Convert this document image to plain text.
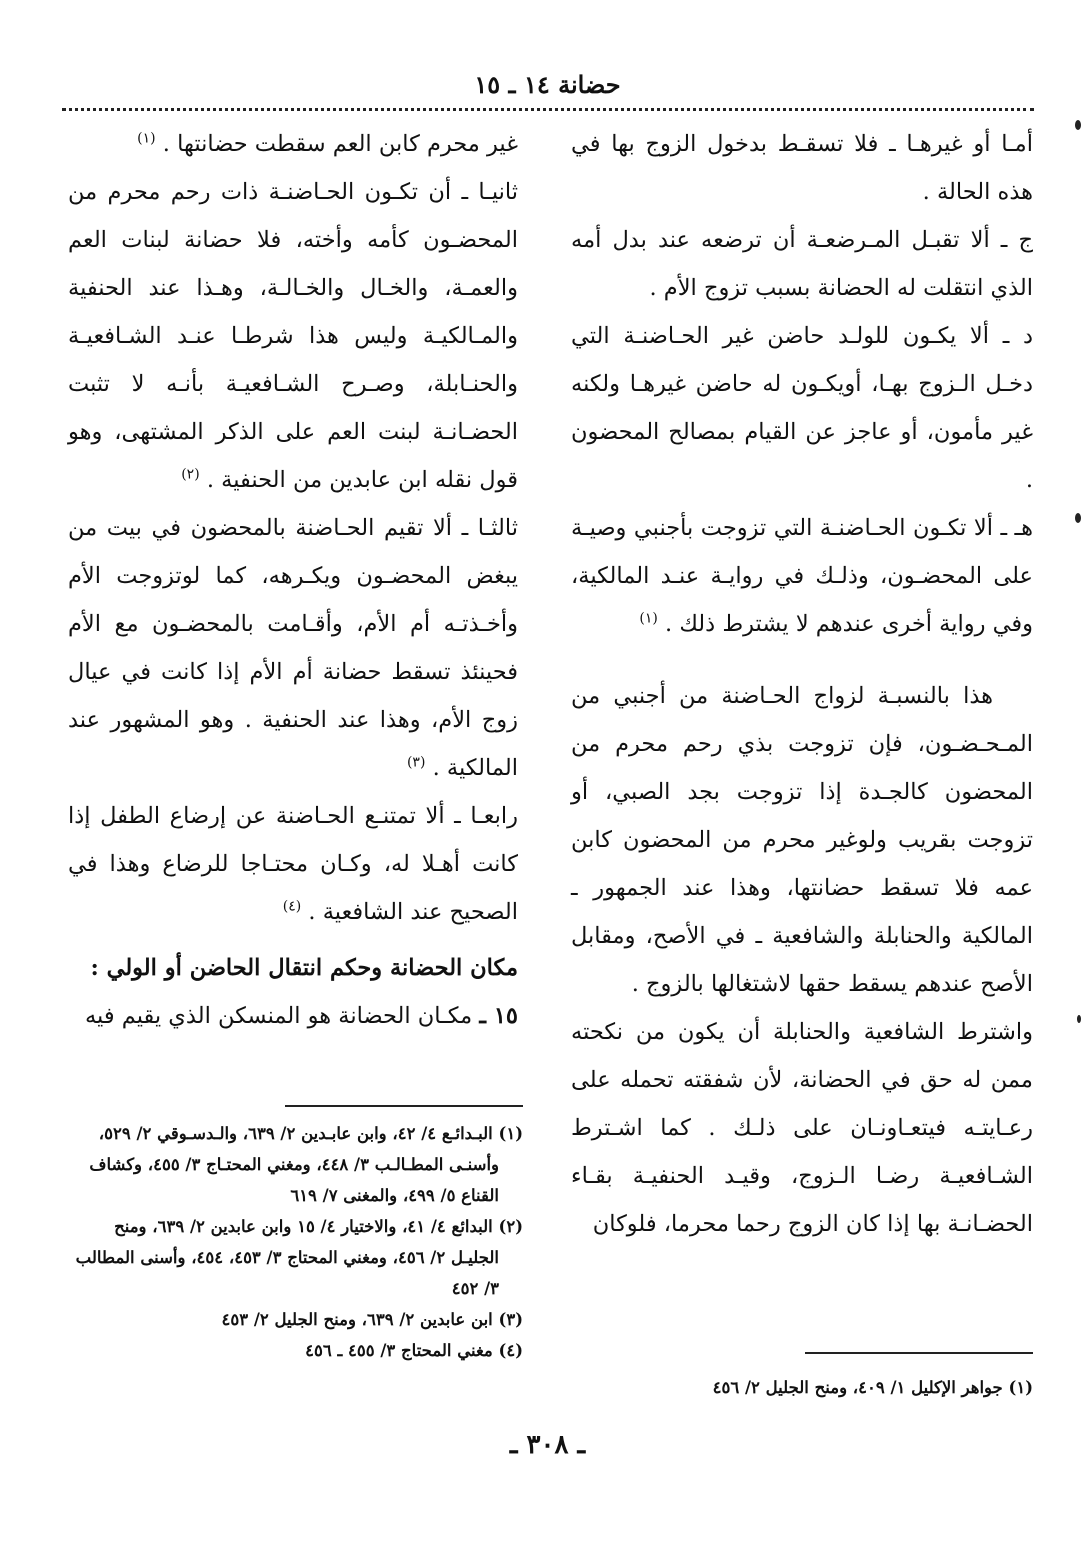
حضانة ١٤ ـ ١٥

أمـا أو غيرهـا ـ فلا تسقـط بدخول الزوج بها في هذه الحالة .

ج ـ ألا تقبـل المـرضعـة أن ترضعه عند بدل أمه الذي انتقلت له الحضانة بسبب تزوج الأم .

د ـ ألا يكـون للولـد حاضن غير الحـاضنـة التي دخـل الـزوج بهـا، أويكـون له حاضن غيرهـا ولكنه غير مأمون، أو عاجز عن القيام بمصالح المحضون .

هـ ـ ألا تكـون الحـاضنـة التي تزوجت بأجنبي وصيـة على المحضـون، وذلـك في روايـة عنـد المالكية، وفي رواية أخرى عندهم لا يشترط ذلك . $^{(١)}$

هذا بالنسبـة لزواج الحـاضنة من أجنبي من المـحـضـون، فإن تزوجت بذي رحم محرم من المحضون كالجـدة إذا تزوجت بجد الصبي، أو تزوجت بقريب ولوغير محرم من المحضون كابن عمه فلا تسقط حضانتها، وهذا عند الجمهور ـ المالكية والحنابلة والشافعية ـ في الأصح، ومقابل الأصح عندهم يسقط حقها لاشتغالها بالزوج .

واشترط الشافعية والحنابلة أن يكون من نكحته ممن له حق في الحضانة، لأن شفقته تحمله على رعـايتـه فيتعـاونـان على ذلـك . كما اشـترط الشـافعيـة رضـا الـزوج، وقيـد الحنفيـة بقـاء الحضـانـة بها إذا كان الزوج رحما محرما، فلوكان

غير محرم كابن العم سقطت حضانتها . $^{(١)}$

ثانيـا ـ أن تكـون الحـاضنـة ذات رحم محرم من المحضـون كأمه وأخته، فلا حضانة لبنات العم والعمـة، والخـال والخـالـة، وهـذا عند الحنفية والمـالكيـة وليس هذا شرطـا عنـد الشـافعيـة والحنـابلة، وصـرح الشـافعيـة بأنـه لا تثبت الحضـانـة لبنت العم على الذكر المشتهى، وهو قول نقله ابن عابدين من الحنفية . $^{(٢)}$

ثالثـا ـ ألا تقيم الحـاضنة بالمحضون في بيت من يبغض المحضـون ويكـرهه، كما لوتزوجت الأم وأخـذتـه أم الأم، وأقـامت بالمحضـون مع الأم فحينئذ تسقط حضانة أم الأم إذا كانت في عيال زوج الأم، وهذا عند الحنفية . وهو المشهور عند المالكية . $^{(٣)}$

رابعـا ـ ألا تمتنـع الحـاضنة عن إرضاع الطفل إذا كانت أهـلا له، وكـان محتـاجا للرضاع وهذا في الصحيح عند الشافعية . $^{(٤)}$

مكان الحضانة وحكم انتقال الحاضن أو الولي :

١٥ ـ مكـان الحضانة هو المنسكن الذي يقيم فيه

(١) البـدائـع ٤/ ٤٢، وابن عابـدين ٢/ ٦٣٩، والـدسـوقي ٢/ ٥٢٩، وأسنـى المطـالـب ٣/ ٤٤٨، ومغني المحتـاج ٣/ ٤٥٥، وكشاف القناع ٥/ ٤٩٩، والمغنى ٧/ ٦١٩

(٢) البدائع ٤/ ٤١، والاختيار ٤/ ١٥ وابن عابدين ٢/ ٦٣٩، ومنح الجليـل ٢/ ٤٥٦، ومغني المحتاج ٣/ ٤٥٣، ٤٥٤، وأسنى المطالب ٣/ ٤٥٢

(٣) ابن عابدين ٢/ ٦٣٩، ومنح الجليل ٢/ ٤٥٣

(٤) مغني المحتاج ٣/ ٤٥٥ ـ ٤٥٦

(١) جواهر الإكليل ١/ ٤٠٩، ومنح الجليل ٢/ ٤٥٦

ـ ٣٠٨ ـ
